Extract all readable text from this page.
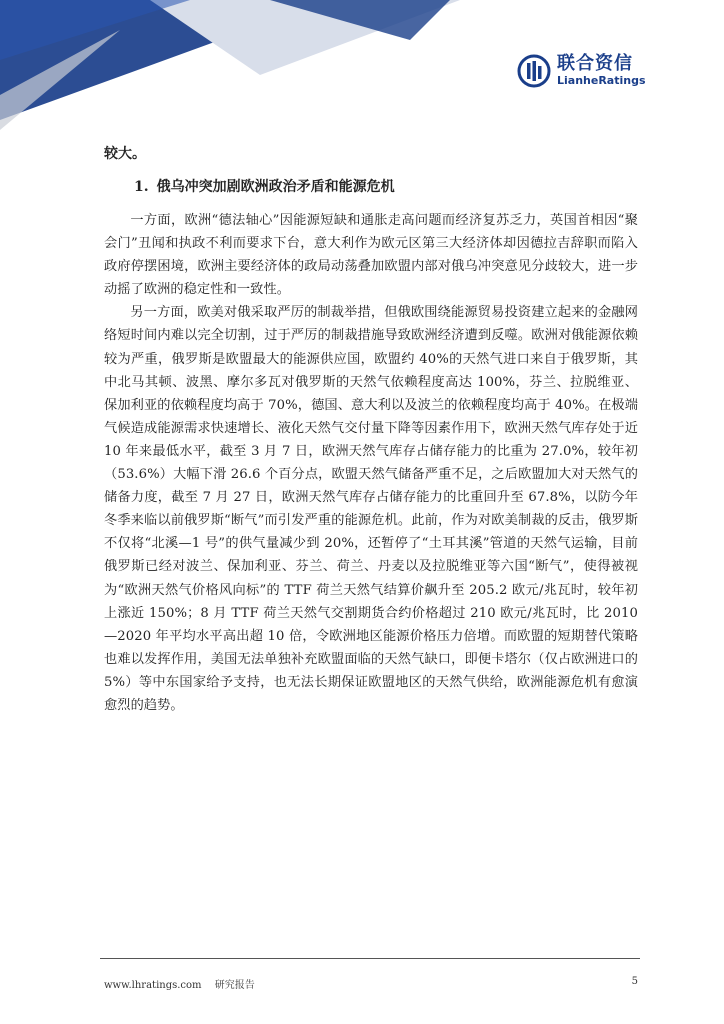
联合资信
LianheRatings

较大。

1. 俄乌冲突加剧欧洲政治矛盾和能源危机

一方面，欧洲“德法轴心”因能源短缺和通胀走高问题而经济复苏乏力，英国首相因“聚会门”丑闻和执政不利而要求下台，意大利作为欧元区第三大经济体却因德拉吉辞职而陷入政府停摆困境，欧洲主要经济体的政局动荡叠加欧盟内部对俄乌冲突意见分歧较大，进一步动摇了欧洲的稳定性和一致性。

另一方面，欧美对俄采取严厉的制裁举措，但俄欧围绕能源贸易投资建立起来的金融网络短时间内难以完全切割，过于严厉的制裁措施导致欧洲经济遭到反噬。欧洲对俄能源依赖较为严重，俄罗斯是欧盟最大的能源供应国，欧盟约 40%的天然气进口来自于俄罗斯，其中北马其顿、波黑、摩尔多瓦对俄罗斯的天然气依赖程度高达 100%，芬兰、拉脱维亚、保加利亚的依赖程度均高于 70%，德国、意大利以及波兰的依赖程度均高于 40%。在极端气候造成能源需求快速增长、液化天然气交付量下降等因素作用下，欧洲天然气库存处于近 10 年来最低水平，截至 3 月 7 日，欧洲天然气库存占储存能力的比重为 27.0%，较年初（53.6%）大幅下滑 26.6 个百分点，欧盟天然气储备严重不足，之后欧盟加大对天然气的储备力度，截至 7 月 27 日，欧洲天然气库存占储存能力的比重回升至 67.8%，以防今年冬季来临以前俄罗斯“断气”而引发严重的能源危机。此前，作为对欧美制裁的反击，俄罗斯不仅将“北溪—1 号”的供气量减少到 20%，还暂停了“土耳其溪”管道的天然气运输，目前俄罗斯已经对波兰、保加利亚、芬兰、荷兰、丹麦以及拉脱维亚等六国“断气”，使得被视为“欧洲天然气价格风向标”的 TTF 荷兰天然气结算价飙升至 205.2 欧元/兆瓦时，较年初上涨近 150%；8 月 TTF 荷兰天然气交割期货合约价格超过 210 欧元/兆瓦时，比 2010—2020 年平均水平高出超 10 倍，令欧洲地区能源价格压力倍增。而欧盟的短期替代策略也难以发挥作用，美国无法单独补充欧盟面临的天然气缺口，即便卡塔尔（仅占欧洲进口的 5%）等中东国家给予支持，也无法长期保证欧盟地区的天然气供给，欧洲能源危机有愈演愈烈的趋势。

www.lhratings.com 研究报告	5
